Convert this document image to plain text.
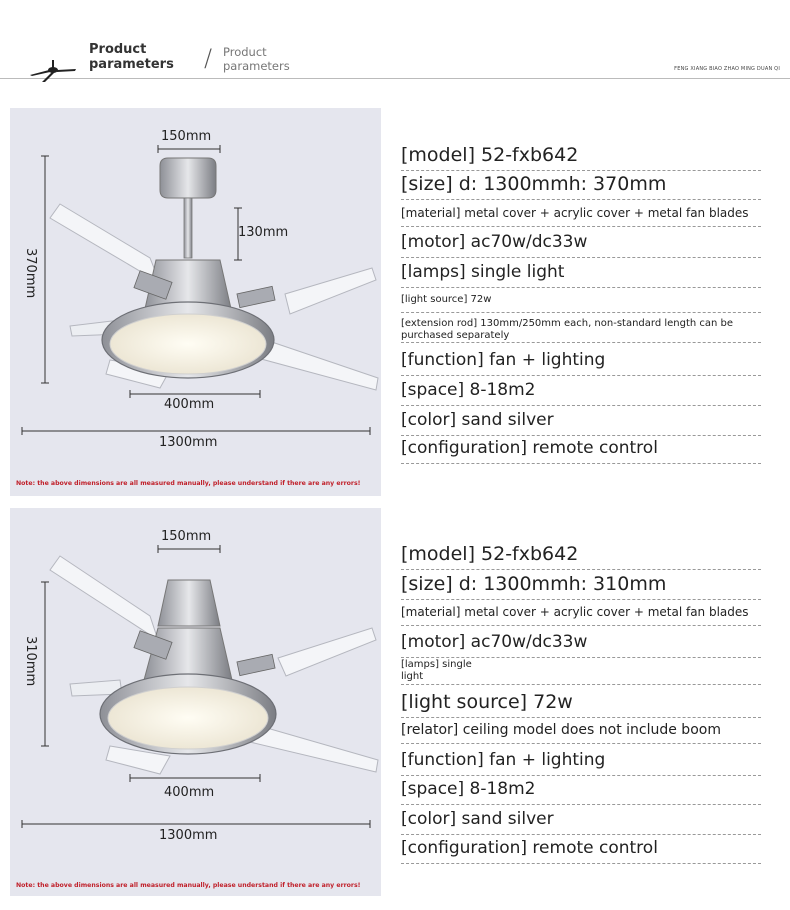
Product
parameters / Product
parameters	FENG XIANG BIAO ZHAO MING DUAN QI
150mm
130mm
370mm
400mm
1300mm
Note: the above dimensions are all measured manually, please understand if there are any errors!
[model] 52-fxb642
[size] d: 1300mmh: 370mm
[material] metal cover + acrylic cover + metal fan blades
[motor] ac70w/dc33w
[lamps] single light
[light source] 72w
[extension rod] 130mm/250mm each, non-standard length can be purchased separately
[function] fan + lighting
[space] 8-18m2
[color] sand silver
[configuration] remote control
150mm
310mm
400mm
1300mm
Note: the above dimensions are all measured manually, please understand if there are any errors!
[model] 52-fxb642
[size] d: 1300mmh: 310mm
[material] metal cover + acrylic cover + metal fan blades
[motor] ac70w/dc33w
[lamps] single light
[light source] 72w
[relator] ceiling model does not include boom
[function] fan + lighting
[space] 8-18m2
[color] sand silver
[configuration] remote control
